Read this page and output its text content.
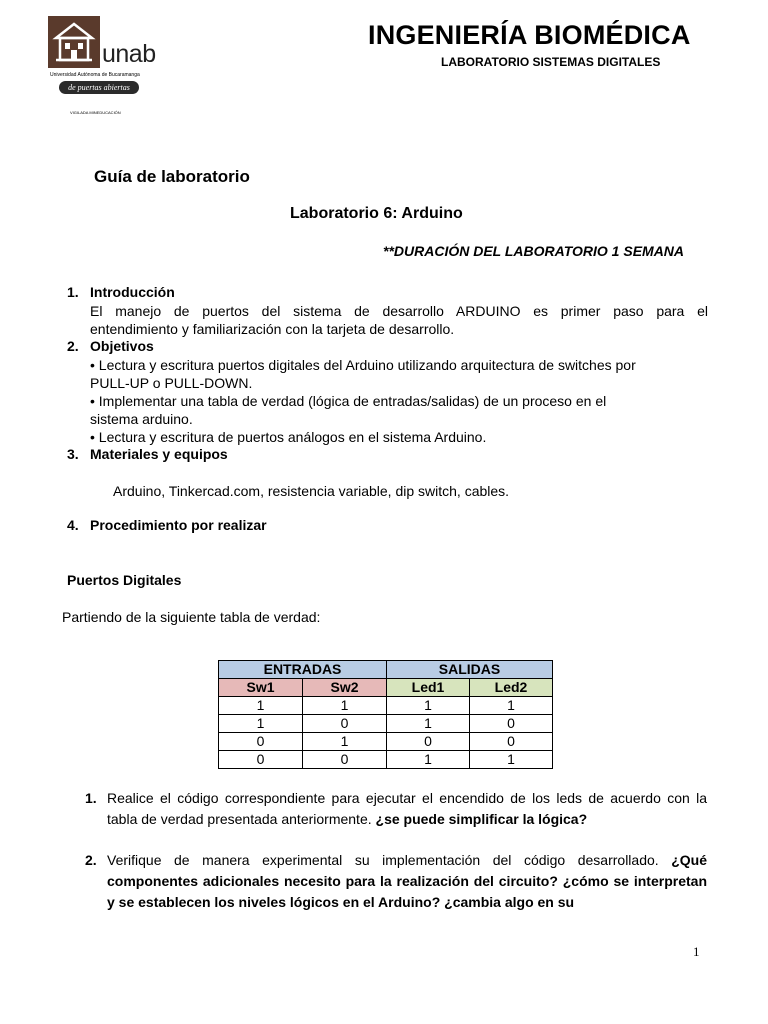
unab
Universidad Autónoma de Bucaramanga
de puertas abiertas
VIGILADA MINEDUCACIÓN
INGENIERÍA BIOMÉDICA
LABORATORIO SISTEMAS DIGITALES
Guía de laboratorio
Laboratorio 6: Arduino
**DURACIÓN DEL LABORATORIO 1 SEMANA
1. Introducción
El manejo de puertos del sistema de desarrollo ARDUINO es primer paso para el
entendimiento y familiarización con la tarjeta de desarrollo.
2. Objetivos
• Lectura y escritura puertos digitales del Arduino utilizando arquitectura de switches por
PULL-UP o PULL-DOWN.
• Implementar una tabla de verdad (lógica de entradas/salidas) de un proceso en el
sistema arduino.
• Lectura y escritura de puertos análogos en el sistema Arduino.
3. Materiales y equipos
Arduino, Tinkercad.com, resistencia variable, dip switch, cables.
4. Procedimiento por realizar
Puertos Digitales
Partiendo de la siguiente tabla de verdad:
ENTRADAS		SALIDAS	
Sw1	Sw2	Led1	Led2
1	1	1	1
1	0	1	0
0	1	0	0
0	0	1	1
1. Realice el código correspondiente para ejecutar el encendido de los leds de acuerdo con la tabla de verdad presentada anteriormente. ¿se puede simplificar la lógica?
2. Verifique de manera experimental su implementación del código desarrollado. ¿Qué componentes adicionales necesito para la realización del circuito? ¿cómo se interpretan y se establecen los niveles lógicos en el Arduino? ¿cambia algo en su
1
